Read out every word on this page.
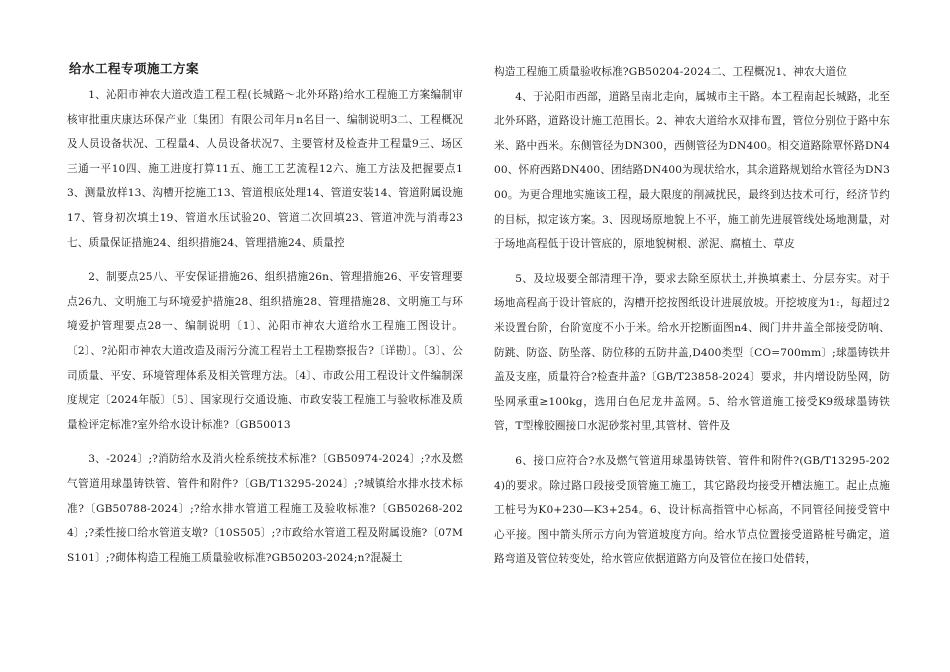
给水工程专项施工方案

1、沁阳市神农大道改造工程工程(长城路～北外环路)给水工程施工方案编制审核审批重庆康达环保产业〔集团〕有限公司年月n名目一、编制说明3二、工程概况及人员设备状况、工程量4、人员设备状况7、主要管材及检查井工程量9三、场区三通一平10四、施工进度打算11五、施工工艺流程12六、施工方法及把握要点13、测量放样13、沟槽开挖施工13、管道根底处理14、管道安装14、管道附属设施17、管身初次填土19、管道水压试验20、管道二次回填23、管道冲洗与消毒23七、质量保证措施24、组织措施24、管理措施24、质量控

2、制要点25八、平安保证措施26、组织措施26n、管理措施26、平安管理要点26九、文明施工与环境爱护措施28、组织措施28、管理措施28、文明施工与环境爱护管理要点28一、编制说明〔1〕、沁阳市神农大道给水工程施工图设计。〔2〕、?沁阳市神农大道改造及雨污分流工程岩土工程勘察报告?〔详勘〕。〔3〕、公司质量、平安、环境管理体系及相关管理方法。〔4〕、市政公用工程设计文件编制深度规定〔2024年版〕〔5〕、国家现行交通设施、市政安装工程施工与验收标准及质量检评定标准?室外给水设计标准?〔GB50013

3、-2024〕;?消防给水及消火栓系统技术标准?〔GB50974-2024〕;?水及燃气管道用球墨铸铁管、管件和附件?〔GB/T13295-2024〕;?城镇给水排水技术标准?〔GB50788-2024〕;?给水排水管道工程施工及验收标准?〔GB50268-2024〕;?柔性接口给水管道支墩?〔10S505〕;?市政给水管道工程及附属设施?〔07MS101〕;?砌体构造工程施工质量验收标准?GB50203-2024;n?混凝土

构造工程施工质量验收标准?GB50204-2024二、工程概况1、神农大道位

4、于沁阳市西部，道路呈南北走向，属城市主干路。本工程南起长城路，北至北外环路，道路设计施工范围长。2、神农大道给水双排布置，管位分别位于路中东米、路中西米。东侧管径为DN300，西侧管径为DN400。相交道路除覃怀路DN400、怀府西路DN400、团结路DN400为现状给水，其余道路规划给水管径为DN300。为更合理地实施该工程，最大限度的削减扰民，最终到达技术可行，经济节约的目标，拟定该方案。3、因现场原地貌上不平，施工前先进展管线处场地测量，对于场地高程低于设计管底的，原地貌树根、淤泥、腐植土、草皮

5、及垃圾要全部清理干净，要求去除至原状土,并换填素土、分层夯实。对于场地高程高于设计管底的，沟槽开挖按图纸设计进展放坡。开挖坡度为1:，每超过2米设置台阶，台阶宽度不小于米。给水开挖断面图n4、阀门井井盖全部接受防响、防跳、防盗、防坠落、防位移的五防井盖,D400类型〔CO=700mm〕;球墨铸铁井盖及支座，质量符合?检查井盖?〔GB/T23858-2024〕要求，井内增设防坠网，防坠网承重≥100kg，选用白色尼龙井盖网。5、给水管道施工接受K9级球墨铸铁管，T型橡胶圈接口水泥砂浆衬里,其管材、管件及

6、接口应符合?水及燃气管道用球墨铸铁管、管件和附件?(GB/T13295-2024)的要求。除过路口段接受顶管施工施工，其它路段均接受开槽法施工。起止点施工桩号为K0+230—K3+254。6、设计标高指管中心标高，不同管径间接受管中心平接。图中箭头所示方向为管道坡度方向。给水节点位置接受道路桩号确定，道路弯道及管位转变处，给水管应依据道路方向及管位在接口处借转，
